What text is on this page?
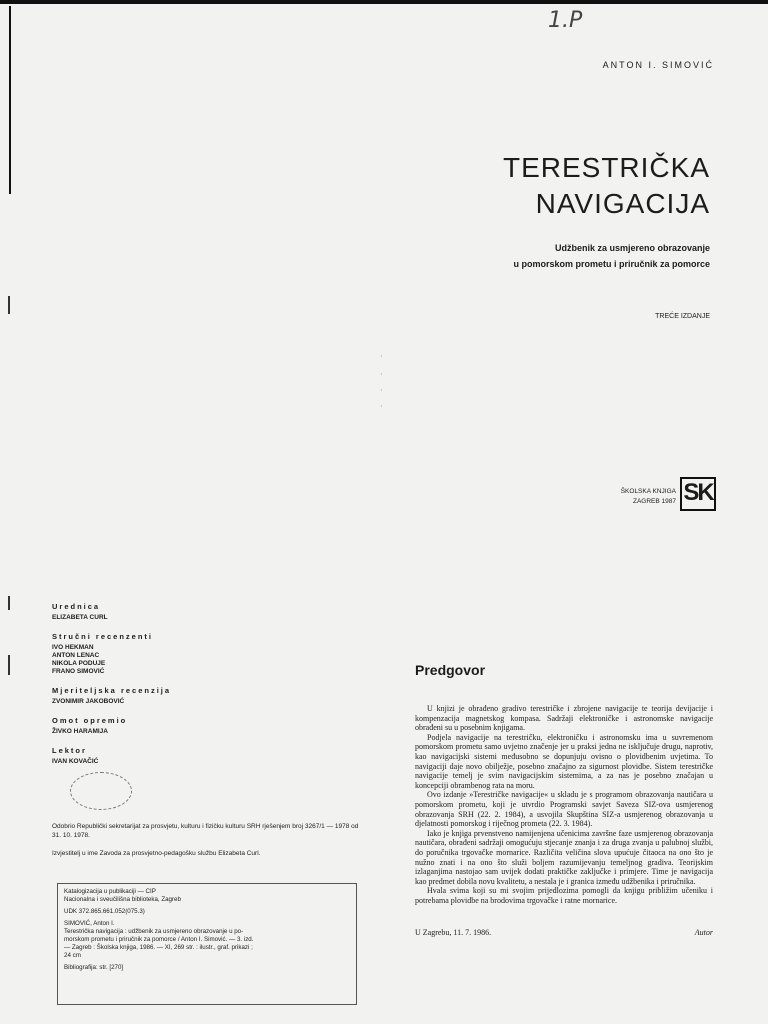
1.P
ANTON I. SIMOVIĆ
TERESTRIČKA
NAVIGACIJA
Udžbenik za usmjereno obrazovanje
u pomorskom prometu i priručnik za pomorce
TREĆE IZDANJE
·
·
·
·
ŠKOLSKA KNJIGA
ZAGREB 1987 SK
Urednica
ELIZABETA CURL
Stručni recenzenti
IVO HEKMAN
ANTON LENAC
NIKOLA PODUJE
FRANO SIMOVIĆ
Mjeriteljska recenzija
ZVONIMIR JAKOBOVIĆ
Omot opremio
ŽIVKO HARAMIJA
Lektor
IVAN KOVAČIĆ
Odobrio Republički sekretarijat za prosvjetu, kulturu i fizičku kulturu SRH rješenjem broj 3267/1 — 1978 od 31. 10. 1978.
Izvjestitelj u ime Zavoda za prosvjetno-pedagošku službu Elizabeta Curl.
Katalogizacija u publikaciji — CIP
Nacionalna i sveučilišna biblioteka, Zagreb
UDK 372.865.661.052(075.3)
SIMOVIĆ, Anton I.
Terestrička navigacija : udžbenik za usmjereno obrazovanje u po-
morskom prometu i priručnik za pomorce / Anton I. Simović. — 3. izd.
— Zagreb : Školska knjiga, 1986. — XI, 269 str. : ilustr., graf. prikazi ;
24 cm
Bibliografija: str. [270]
Predgovor

U knjizi je obrađeno gradivo terestričke i zbrojene navigacije te teorija devijacije i kompenzacija magnetskog kompasa. Sadržaji elektroničke i astronomske navigacije obrađeni su u posebnim knjigama.

Podjela navigacije na terestričku, elektroničku i astronomsku ima u suvremenom pomorskom prometu samo uvjetno značenje jer u praksi jedna ne isključuje drugu, naprotiv, kao navigacijski sistemi međusobno se dopunjuju ovisno o plovidbenim uvjetima. To navigaciji daje novo obilježje, posebno značajno za sigurnost plovidbe. Sistem terestričke navigacije temelj je svim navigacijskim sistemima, a za nas je posebno značajan u koncepciji obrambenog rata na moru.

Ovo izdanje »Terestričke navigacije« u skladu je s programom obrazovanja nautičara u pomorskom prometu, koji je utvrdio Programski savjet Saveza SIZ-ova usmjerenog obrazovanja SRH (22. 2. 1984), a usvojila Skupština SIZ-a usmjerenog obrazovanja u djelatnosti pomorskog i riječnog prometa (22. 3. 1984).

Iako je knjiga prvenstveno namijenjena učenicima završne faze usmjerenog obrazovanja nautičara, obrađeni sadržaji omogućuju stjecanje znanja i za druga zvanja u palubnoj službi, do poručnika trgovačke mornarice. Različita veličina slova upućuje čitaoca na ono što je nužno znati i na ono što služi boljem razumijevanju temeljnog gradiva. Teorijskim izlaganjima nastojao sam uvijek dodati praktičke zaključke i primjere. Time je navigacija kao predmet dobila novu kvalitetu, a nestala je i granica između udžbenika i priručnika.

Hvala svima koji su mi svojim prijedlozima pomogli da knjigu približim učeniku i potrebama plovidbe na brodovima trgovačke i ratne mornarice.

U Zagrebu, 11. 7. 1986.	Autor
